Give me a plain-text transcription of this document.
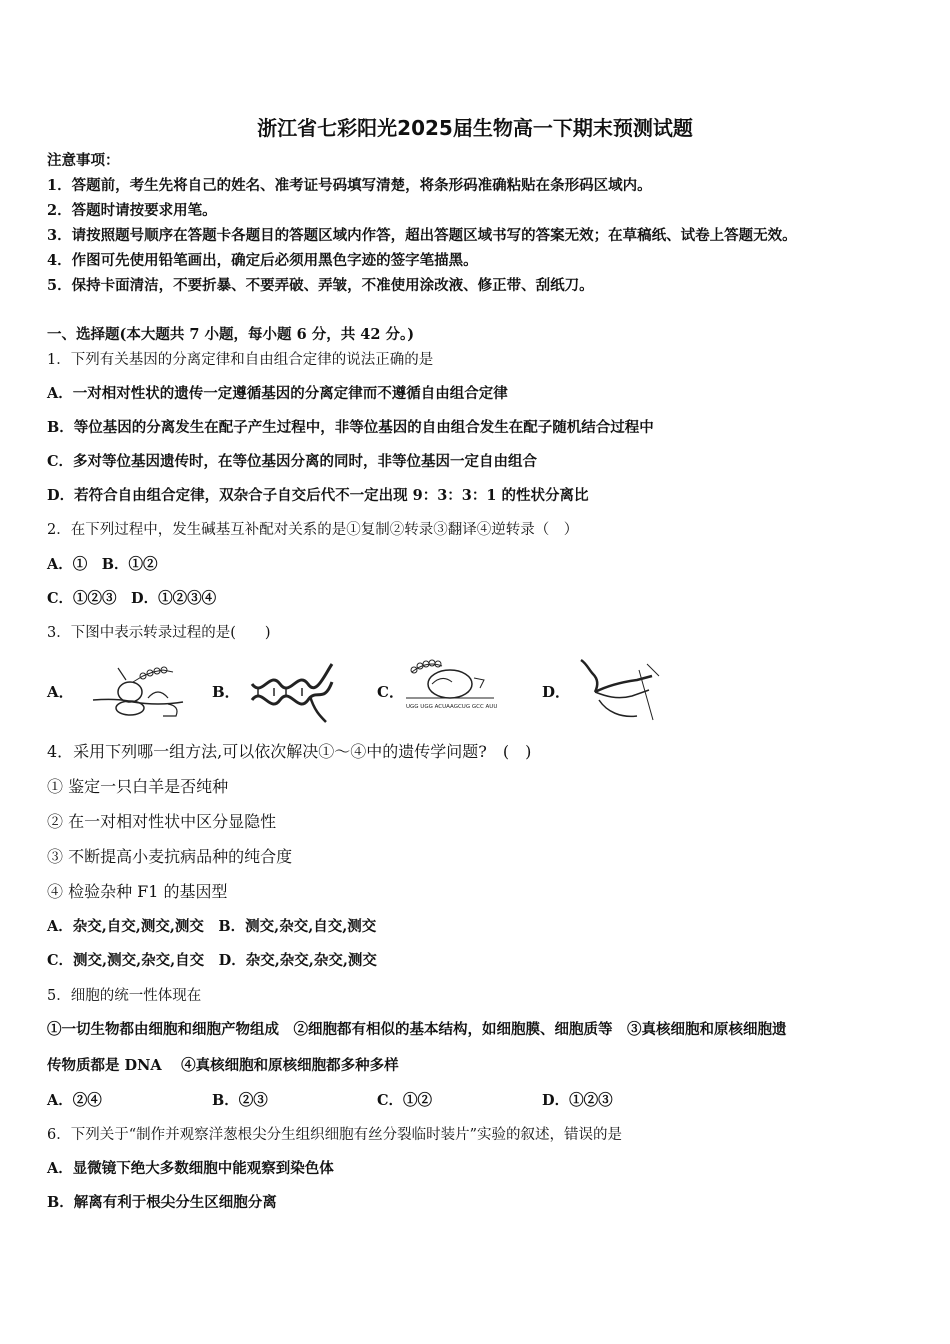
浙江省七彩阳光2025届生物高一下期末预测试题
注意事项：
1．答题前，考生先将自己的姓名、准考证号码填写清楚，将条形码准确粘贴在条形码区域内。
2．答题时请按要求用笔。
3．请按照题号顺序在答题卡各题目的答题区域内作答，超出答题区域书写的答案无效；在草稿纸、试卷上答题无效。
4．作图可先使用铅笔画出，确定后必须用黑色字迹的签字笔描黑。
5．保持卡面清洁，不要折暴、不要弄破、弄皱，不准使用涂改液、修正带、刮纸刀。
一、选择题(本大题共 7 小题，每小题 6 分，共 42 分。)
1．下列有关基因的分离定律和自由组合定律的说法正确的是
A．一对相对性状的遗传一定遵循基因的分离定律而不遵循自由组合定律
B．等位基因的分离发生在配子产生过程中，非等位基因的自由组合发生在配子随机结合过程中
C．多对等位基因遗传时，在等位基因分离的同时，非等位基因一定自由组合
D．若符合自由组合定律，双杂合子自交后代不一定出现 9：3：3：1 的性状分离比
2．在下列过程中，发生碱基互补配对关系的是①复制②转录③翻译④逆转录（　）
A．①　B．①②
C．①②③　D．①②③④
3．下图中表示转录过程的是(　　)
A．	B．	C．
UGG UGG ACUAAGCUG GCC AUU
D．
4．采用下列哪一组方法,可以依次解决①～④中的遗传学问题?　(　)
① 鉴定一只白羊是否纯种
② 在一对相对性状中区分显隐性
③ 不断提高小麦抗病品种的纯合度
④ 检验杂种 F1 的基因型
A．杂交,自交,测交,测交　B．测交,杂交,自交,测交
C．测交,测交,杂交,自交　D．杂交,杂交,杂交,测交
5．细胞的统一性体现在
①一切生物都由细胞和细胞产物组成　②细胞都有相似的基本结构，如细胞膜、细胞质等　③真核细胞和原核细胞遗
传物质都是 DNA　 ④真核细胞和原核细胞都多种多样
A．②④	B．②③	C．①②	D．①②③
6．下列关于“制作并观察洋葱根尖分生组织细胞有丝分裂临时装片”实验的叙述，错误的是
A．显微镜下绝大多数细胞中能观察到染色体
B．解离有利于根尖分生区细胞分离
